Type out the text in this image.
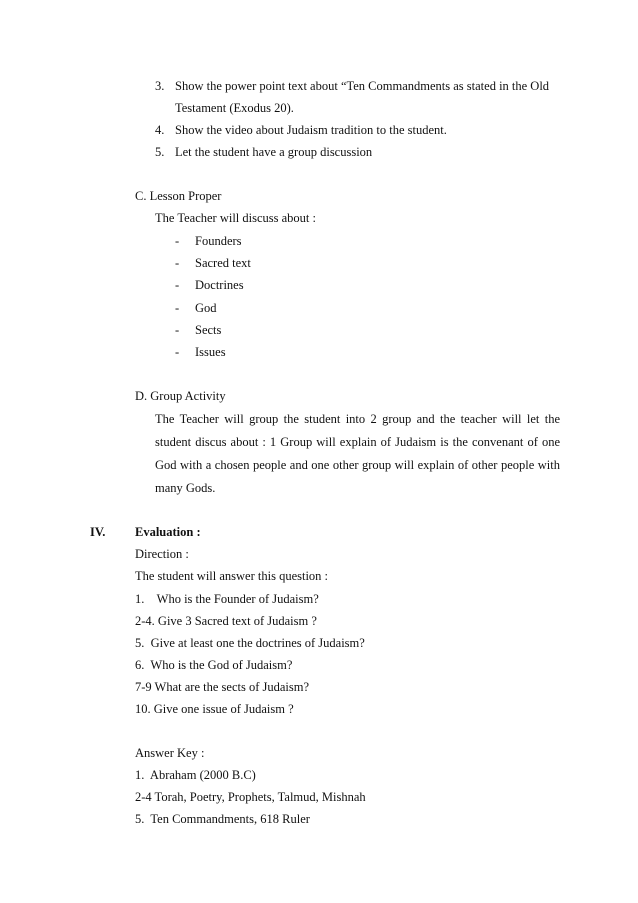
3. Show the power point text about “Ten Commandments as stated in the Old
Testament (Exodus 20).
4. Show the video about Judaism tradition to the student.
5. Let the student have a group discussion
C. Lesson Proper
The Teacher will discuss about :
- Founders
- Sacred text
- Doctrines
- God
- Sects
- Issues
D. Group Activity
The Teacher will group the student into 2 group and the teacher will let the
student discus about : 1 Group will explain of Judaism is the convenant of one
God with a chosen people and one other group will explain of other people with
many Gods.
IV. Evaluation :
Direction :
The student will answer this question :
1.    Who is the Founder of Judaism?
2-4. Give 3 Sacred text of Judaism ?
5.  Give at least one the doctrines of Judaism?
6.  Who is the God of Judaism?
7-9 What are the sects of Judaism?
10. Give one issue of Judaism ?
Answer Key :
1.  Abraham (2000 B.C)
2-4 Torah, Poetry, Prophets, Talmud, Mishnah
5.  Ten Commandments, 618 Ruler
